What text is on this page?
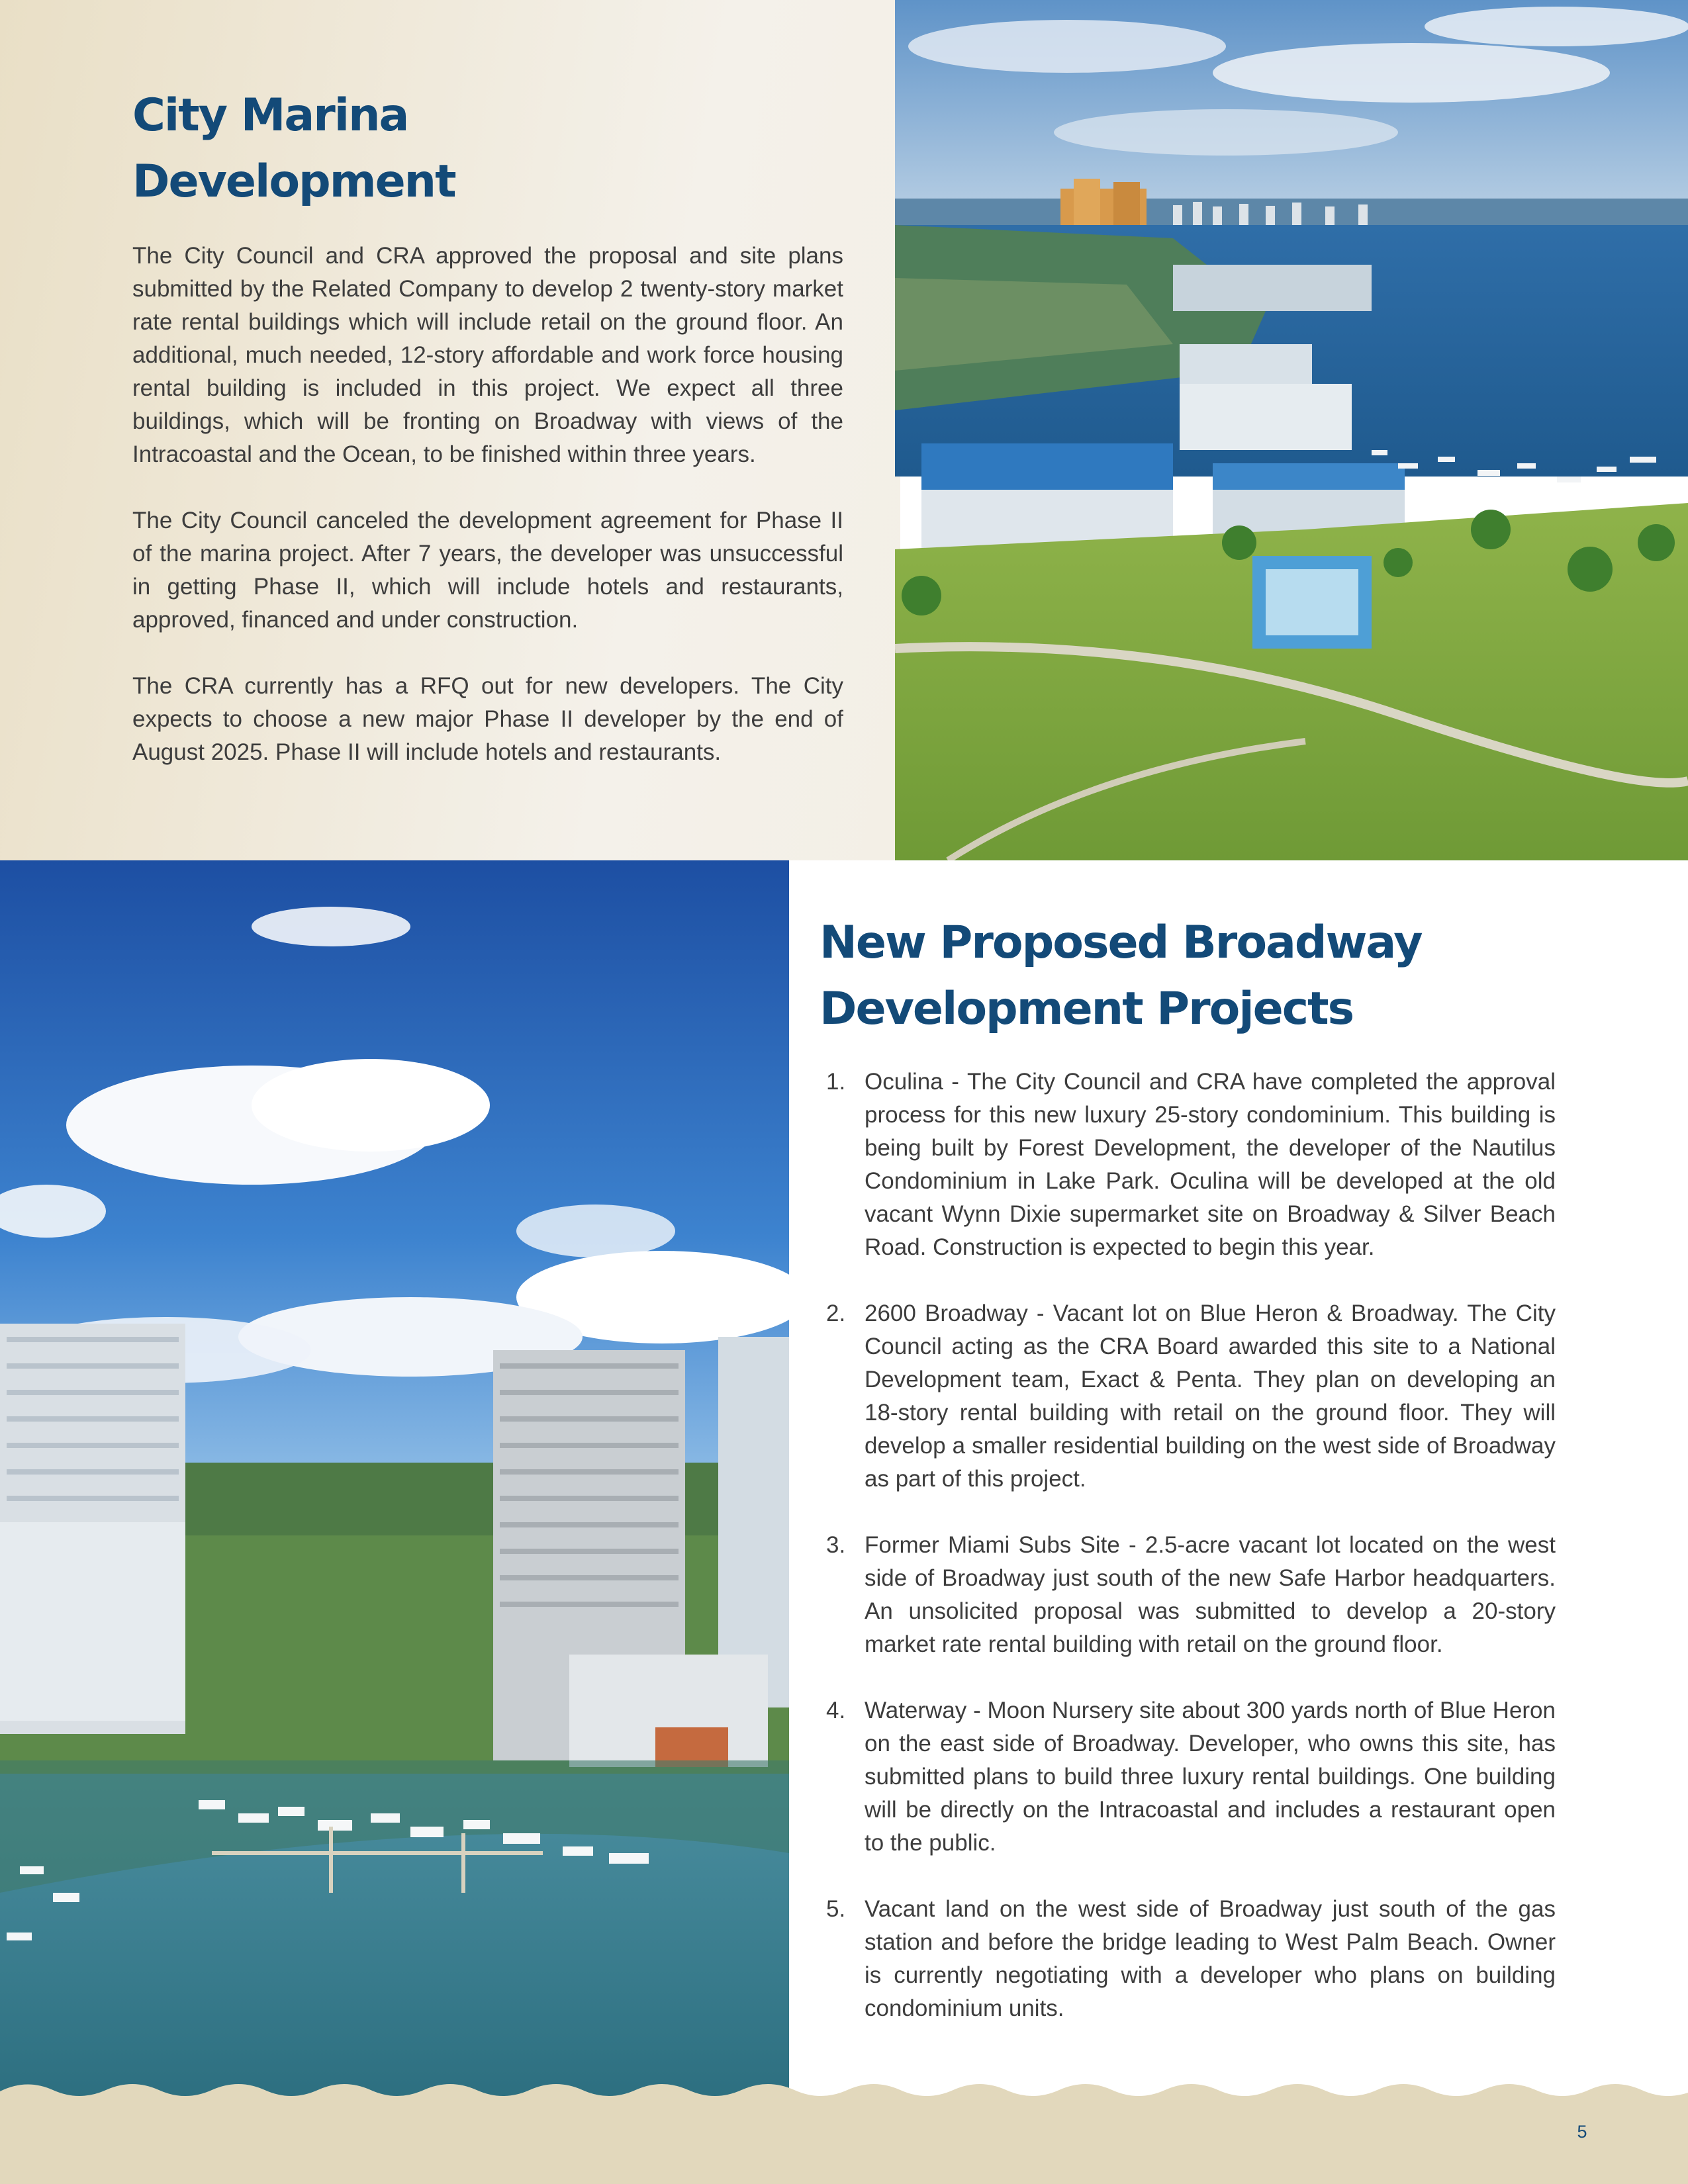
City Marina
Development

The City Council and CRA approved the proposal and site plans submitted by the Related Company to develop 2 twenty-story market rate rental buildings which will include retail on the ground floor. An additional, much needed, 12-story affordable and work force housing rental building is included in this project. We expect all three buildings, which will be fronting on Broadway with views of the Intracoastal and the Ocean, to be finished within three years.

The City Council canceled the development agreement for Phase II of the marina project. After 7 years, the developer was unsuccessful in getting Phase II, which will include hotels and restaurants, approved, financed and under construction.

The CRA currently has a RFQ out for new developers. The City expects to choose a new major Phase II developer by the end of August 2025. Phase II will include hotels and restaurants.

New Proposed Broadway
Development Projects
1. Oculina - The City Council and CRA have completed the approval process for this new luxury 25-story condominium. This building is being built by Forest Development, the developer of the Nautilus Condominium in Lake Park. Oculina will be developed at the old vacant Wynn Dixie supermarket site on Broadway & Silver Beach Road. Construction is expected to begin this year.
2. 2600 Broadway - Vacant lot on Blue Heron & Broadway. The City Council acting as the CRA Board awarded this site to a National Development team, Exact & Penta. They plan on developing an 18-story rental building with retail on the ground floor. They will develop a smaller residential building on the west side of Broadway as part of this project.
3. Former Miami Subs Site - 2.5-acre vacant lot located on the west side of Broadway just south of the new Safe Harbor headquarters. An unsolicited proposal was submitted to develop a 20-story market rate rental building with retail on the ground floor.
4. Waterway - Moon Nursery site about 300 yards north of Blue Heron on the east side of Broadway. Developer, who owns this site, has submitted plans to build three luxury rental buildings. One building will be directly on the Intracoastal and includes a restaurant open to the public.
5. Vacant land on the west side of Broadway just south of the gas station and before the bridge leading to West Palm Beach. Owner is currently negotiating with a developer who plans on building condominium units.
5
